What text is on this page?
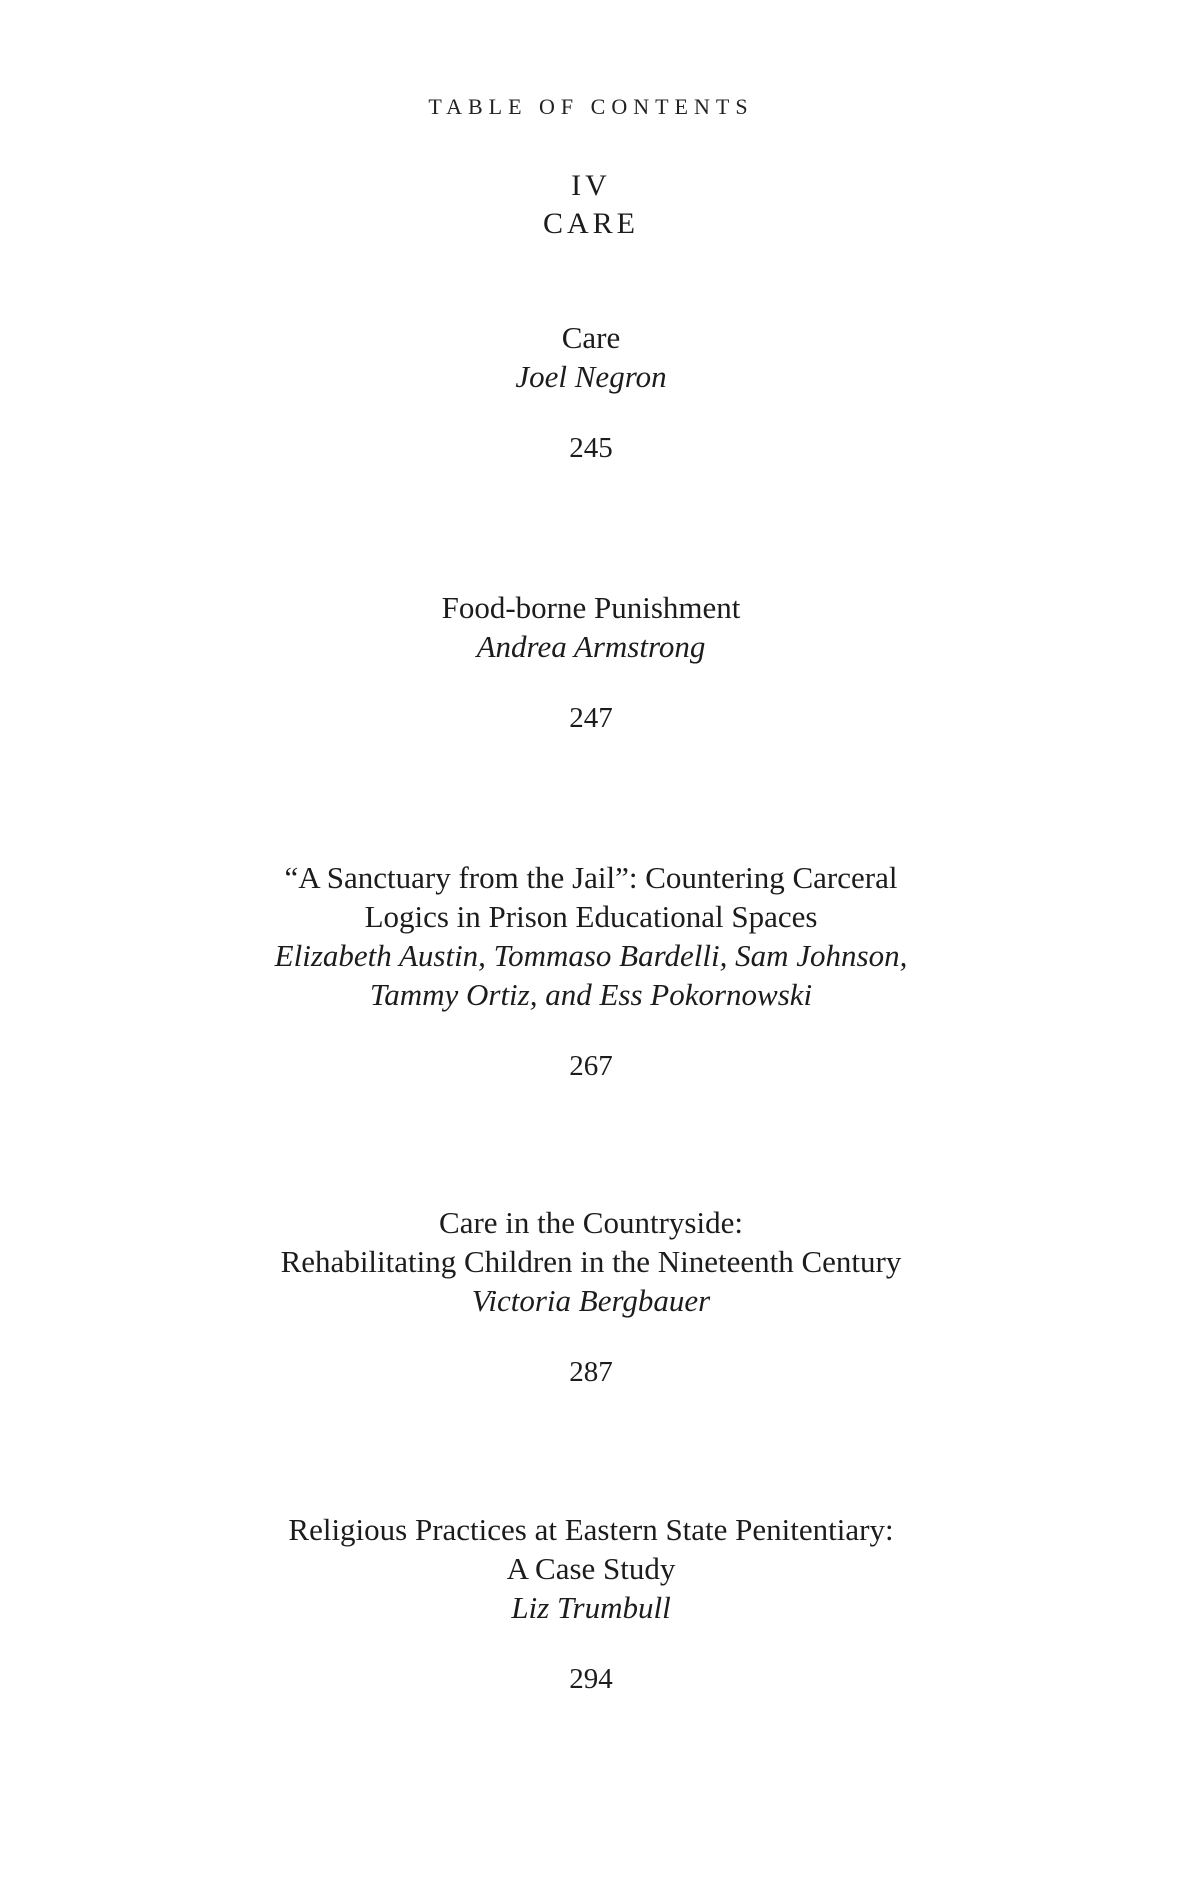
TABLE OF CONTENTS
IV
CARE
Care
Joel Negron
245
Food-borne Punishment
Andrea Armstrong
247
“A Sanctuary from the Jail”: Countering Carceral
Logics in Prison Educational Spaces
Elizabeth Austin, Tommaso Bardelli, Sam Johnson,
Tammy Ortiz, and Ess Pokornowski
267
Care in the Countryside:
Rehabilitating Children in the Nineteenth Century
Victoria Bergbauer
287
Religious Practices at Eastern State Penitentiary:
A Case Study
Liz Trumbull
294
